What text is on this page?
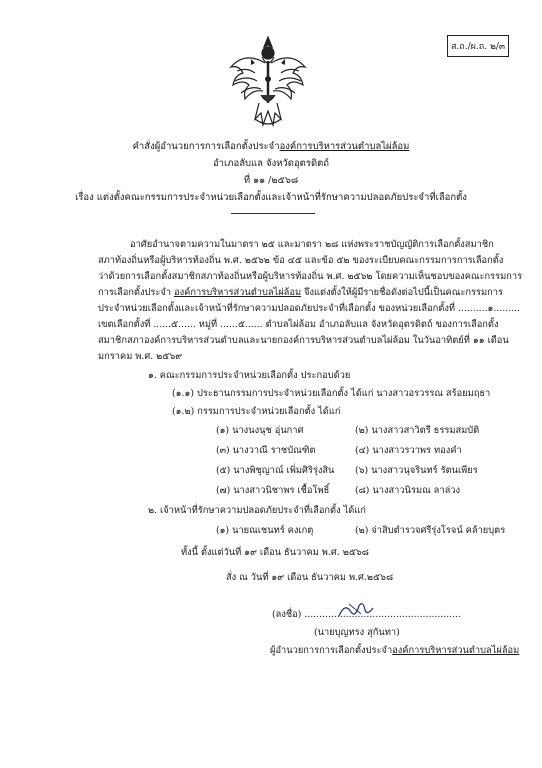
ส.ถ./ผ.ถ. ๒/๓
คำสั่งผู้อำนวยการการเลือกตั้งประจำองค์การบริหารส่วนตำบลไผ่ล้อม
อำเภอลับแล จังหวัดอุตรดิตถ์
ที่ ๑๑ /๒๕๖๘
เรื่อง แต่งตั้งคณะกรรมการประจำหน่วยเลือกตั้งและเจ้าหน้าที่รักษาความปลอดภัยประจำที่เลือกตั้ง
อาศัยอำนาจตามความในมาตรา ๒๕ และมาตรา ๒๘ แห่งพระราชบัญญัติการเลือกตั้งสมาชิก
สภาท้องถิ่นหรือผู้บริหารท้องถิ่น พ.ศ. ๒๕๖๒ ข้อ ๔๕ และข้อ ๕๒ ของระเบียบคณะกรรมการการเลือกตั้ง
ว่าด้วยการเลือกตั้งสมาชิกสภาท้องถิ่นหรือผู้บริหารท้องถิ่น พ.ศ. ๒๕๖๒ โดยความเห็นชอบของคณะกรรมการ
การเลือกตั้งประจำ องค์การบริหารส่วนตำบลไผ่ล้อม จึงแต่งตั้งให้ผู้มีรายชื่อดังต่อไปนี้เป็นคณะกรรมการ
ประจำหน่วยเลือกตั้งและเจ้าหน้าที่รักษาความปลอดภัยประจำที่เลือกตั้ง ของหน่วยเลือกตั้งที่ ..........๑.........
เขตเลือกตั้งที่ ......๕...... หมู่ที่ ......๕...... ตำบลไผ่ล้อม อำเภอลับแล จังหวัดอุตรดิตถ์ ของการเลือกตั้ง
สมาชิกสภาองค์การบริหารส่วนตำบลและนายกองค์การบริหารส่วนตำบลไผ่ล้อม ในวันอาทิตย์ที่ ๑๑ เดือน
มกราคม พ.ศ. ๒๕๖๙
๑. คณะกรรมการประจำหน่วยเลือกตั้ง ประกอบด้วย
(๑.๑) ประธานกรรมการประจำหน่วยเลือกตั้ง ได้แก่ นางสาวอรวรรณ สร้อยมฤธา
(๑.๒) กรรมการประจำหน่วยเลือกตั้ง ได้แก่
(๑) นางนงนุช อุ่นกาศ	(๒) นางสาวสาวิตรี ธรรมสมบัติ
(๓) นางวาณี ราชบัณฑิต	(๔) นางสาวรวาพร ทองคำ
(๕) นางพิชุญาณ์ เพิ่มศิริรุ่งสิน (๖) นางสาวนุจรินทร์ รัตนเพียร
(๗) นางสาวนิชาพร เชื้อโพธิ์	(๘) นางสาวนิรมณ ลาล่วง
๒. เจ้าหน้าที่รักษาความปลอดภัยประจำที่เลือกตั้ง ได้แก่
(๑) นายณเชนทร์ คงเกตุ	(๒) จ่าสิบตำรวจศรีรุ่งโรจน์ คล้ายบุตร
ทั้งนี้ ตั้งแต่วันที่ ๑๙ เดือน ธันวาคม พ.ศ. ๒๕๖๘
สั่ง ณ วันที่ ๑๙ เดือน ธันวาคม พ.ศ.๒๕๖๘
(ลงชื่อ) .....................................................
(นายบุญทรง สุกันทา)
ผู้อำนวยการการเลือกตั้งประจำองค์การบริหารส่วนตำบลไผ่ล้อม
